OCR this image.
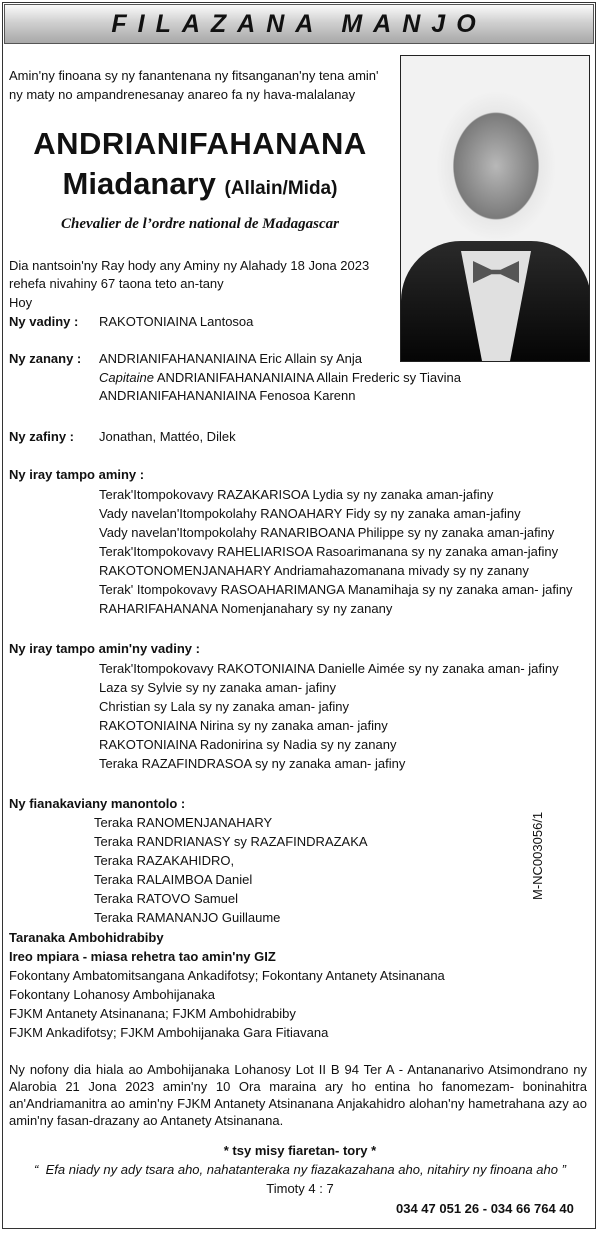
FILAZANA MANJO
Amin'ny finoana sy ny fanantenana ny fitsanganan'ny tena amin'
ny maty no ampandrenesanay anareo fa ny hava-malalanay
ANDRIANIFAHANANA
Miadanary (Allain/Mida)
Chevalier de l’ordre national de Madagascar
Dia nantsoin'ny Ray hody any Aminy ny Alahady 18 Jona 2023
rehefa nivahiny 67 taona teto an-tany
Hoy
Ny vadiny : RAKOTONIAINA Lantosoa
Ny zanany : ANDRIANIFAHANANIAINA Eric Allain sy Anja
Capitaine ANDRIANIFAHANANIAINA Allain Frederic sy Tiavina
ANDRIANIFAHANANIAINA Fenosoa Karenn
Ny zafiny : Jonathan, Mattéo, Dilek
Ny iray tampo aminy :
Terak'Itompokovavy RAZAKARISOA Lydia sy ny zanaka aman-jafiny
Vady navelan'Itompokolahy RANOAHARY Fidy sy ny zanaka aman-jafiny
Vady navelan'Itompokolahy RANARIBOANA Philippe sy ny zanaka aman-jafiny
Terak'Itompokovavy RAHELIARISOA Rasoarimanana sy ny zanaka aman-jafiny
RAKOTONOMENJANAHARY Andriamahazomanana mivady sy ny zanany
Terak' Itompokovavy RASOAHARIMANGA Manamihaja sy ny zanaka aman- jafiny
RAHARIFAHANANA Nomenjanahary sy ny zanany
Ny iray tampo amin'ny vadiny :
Terak'Itompokovavy RAKOTONIAINA Danielle Aimée sy ny zanaka aman- jafiny
Laza sy Sylvie sy ny zanaka aman- jafiny
Christian sy Lala sy ny zanaka aman- jafiny
RAKOTONIAINA Nirina sy ny zanaka aman- jafiny
RAKOTONIAINA Radonirina sy Nadia sy ny zanany
Teraka RAZAFINDRASOA sy ny zanaka aman- jafiny
Ny fianakaviany manontolo :
Teraka RANOMENJANAHARY
Teraka RANDRIANASY sy RAZAFINDRAZAKA
Teraka RAZAKAHIDRO,
Teraka RALAIMBOA Daniel
Teraka RATOVO Samuel
Teraka RAMANANJO Guillaume
Taranaka Ambohidrabiby
Ireo mpiara - miasa rehetra tao amin'ny GIZ
Fokontany Ambatomitsangana Ankadifotsy; Fokontany Antanety Atsinanana
Fokontany Lohanosy Ambohijanaka
FJKM Antanety Atsinanana; FJKM Ambohidrabiby
FJKM Ankadifotsy; FJKM Ambohijanaka Gara Fitiavana
Ny nofony dia hiala ao Ambohijanaka Lohanosy Lot II B 94 Ter A - Antananarivo Atsimondrano ny Alarobia 21 Jona 2023 amin'ny 10 Ora maraina ary ho entina ho fanomezam- boninahitra an'Andriamanitra ao amin'ny FJKM Antanety Atsinanana Anjakahidro alohan'ny hametrahana azy ao amin'ny fasan-drazany ao Antanety Atsinanana.
* tsy misy fiaretan- tory *
“ Efa niady ny ady tsara aho, nahatanteraka ny fiazakazahana aho, nitahiry ny finoana aho ”
Timoty 4 : 7
034 47 051 26 - 034 66 764 40
M-NC003056/1
